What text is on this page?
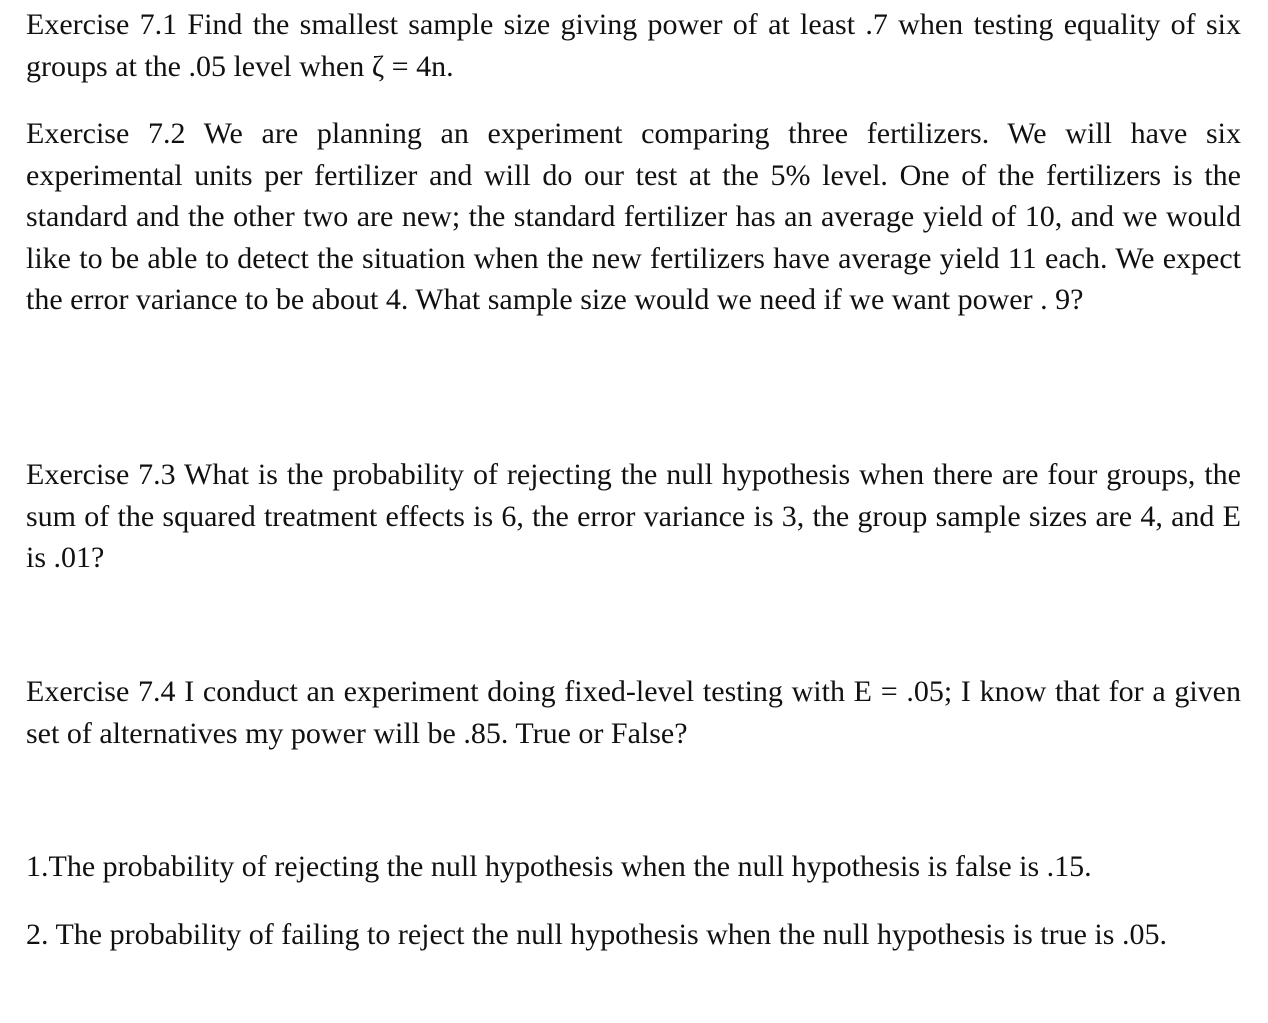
Exercise 7.1 Find the smallest sample size giving power of at least .7 when testing equality of six groups at the .05 level when ζ = 4n.

Exercise 7.2 We are planning an experiment comparing three fertilizers. We will have six experimental units per fertilizer and will do our test at the 5% level. One of the fertilizers is the standard and the other two are new; the standard fertilizer has an average yield of 10, and we would like to be able to detect the situation when the new fertilizers have average yield 11 each. We expect the error variance to be about 4. What sample size would we need if we want power . 9?

Exercise 7.3 What is the probability of rejecting the null hypothesis when there are four groups, the sum of the squared treatment effects is 6, the error variance is 3, the group sample sizes are 4, and E is .01?

Exercise 7.4 I conduct an experiment doing fixed-level testing with E = .05; I know that for a given set of alternatives my power will be .85. True or False?

1.The probability of rejecting the null hypothesis when the null hypothesis is false is .15.

2. The probability of failing to reject the null hypothesis when the null hypothesis is true is .05.
